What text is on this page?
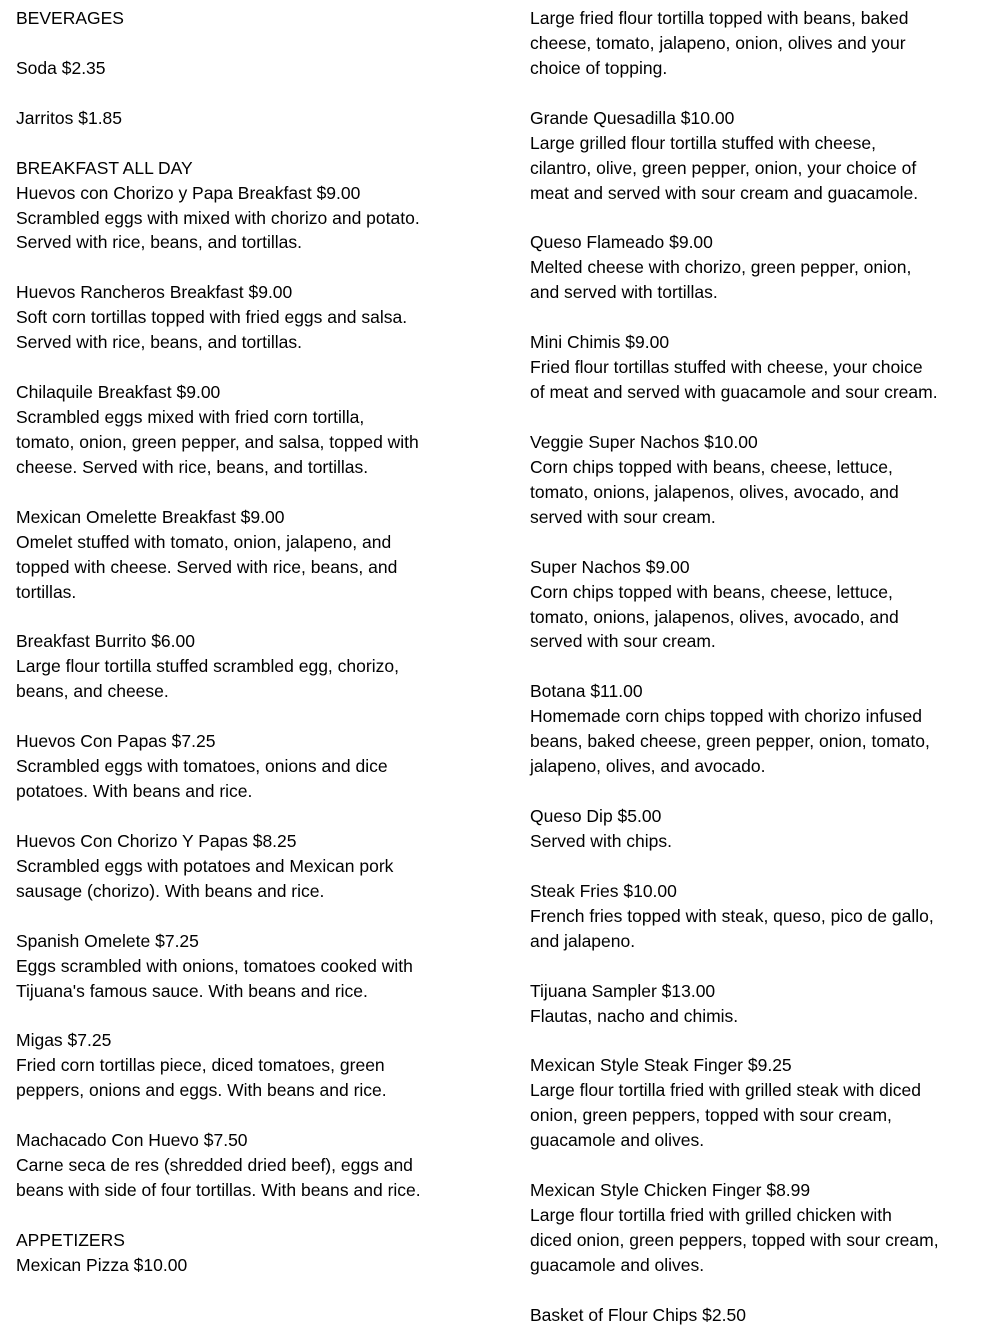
BEVERAGES
Soda $2.35
Jarritos $1.85
BREAKFAST ALL DAY
Huevos con Chorizo y Papa Breakfast $9.00
Scrambled eggs with mixed with chorizo and potato.
Served with rice, beans, and tortillas.
Huevos Rancheros Breakfast $9.00
Soft corn tortillas topped with fried eggs and salsa.
Served with rice, beans, and tortillas.
Chilaquile Breakfast $9.00
Scrambled eggs mixed with fried corn tortilla,
tomato, onion, green pepper, and salsa, topped with
cheese. Served with rice, beans, and tortillas.
Mexican Omelette Breakfast $9.00
Omelet stuffed with tomato, onion, jalapeno, and
topped with cheese. Served with rice, beans, and
tortillas.
Breakfast Burrito $6.00
Large flour tortilla stuffed scrambled egg, chorizo,
beans, and cheese.
Huevos Con Papas $7.25
Scrambled eggs with tomatoes, onions and dice
potatoes. With beans and rice.
Huevos Con Chorizo Y Papas $8.25
Scrambled eggs with potatoes and Mexican pork
sausage (chorizo). With beans and rice.
Spanish Omelete $7.25
Eggs scrambled with onions, tomatoes cooked with
Tijuana's famous sauce. With beans and rice.
Migas $7.25
Fried corn tortillas piece, diced tomatoes, green
peppers, onions and eggs. With beans and rice.
Machacado Con Huevo $7.50
Carne seca de res (shredded dried beef), eggs and
beans with side of four tortillas. With beans and rice.
APPETIZERS
Mexican Pizza $10.00
Large fried flour tortilla topped with beans, baked
cheese, tomato, jalapeno, onion, olives and your
choice of topping.
Grande Quesadilla $10.00
Large grilled flour tortilla stuffed with cheese,
cilantro, olive, green pepper, onion, your choice of
meat and served with sour cream and guacamole.
Queso Flameado $9.00
Melted cheese with chorizo, green pepper, onion,
and served with tortillas.
Mini Chimis $9.00
Fried flour tortillas stuffed with cheese, your choice
of meat and served with guacamole and sour cream.
Veggie Super Nachos $10.00
Corn chips topped with beans, cheese, lettuce,
tomato, onions, jalapenos, olives, avocado, and
served with sour cream.
Super Nachos $9.00
Corn chips topped with beans, cheese, lettuce,
tomato, onions, jalapenos, olives, avocado, and
served with sour cream.
Botana $11.00
Homemade corn chips topped with chorizo infused
beans, baked cheese, green pepper, onion, tomato,
jalapeno, olives, and avocado.
Queso Dip $5.00
Served with chips.
Steak Fries $10.00
French fries topped with steak, queso, pico de gallo,
and jalapeno.
Tijuana Sampler $13.00
Flautas, nacho and chimis.
Mexican Style Steak Finger $9.25
Large flour tortilla fried with grilled steak with diced
onion, green peppers, topped with sour cream,
guacamole and olives.
Mexican Style Chicken Finger $8.99
Large flour tortilla fried with grilled chicken with
diced onion, green peppers, topped with sour cream,
guacamole and olives.
Basket of Flour Chips $2.50
